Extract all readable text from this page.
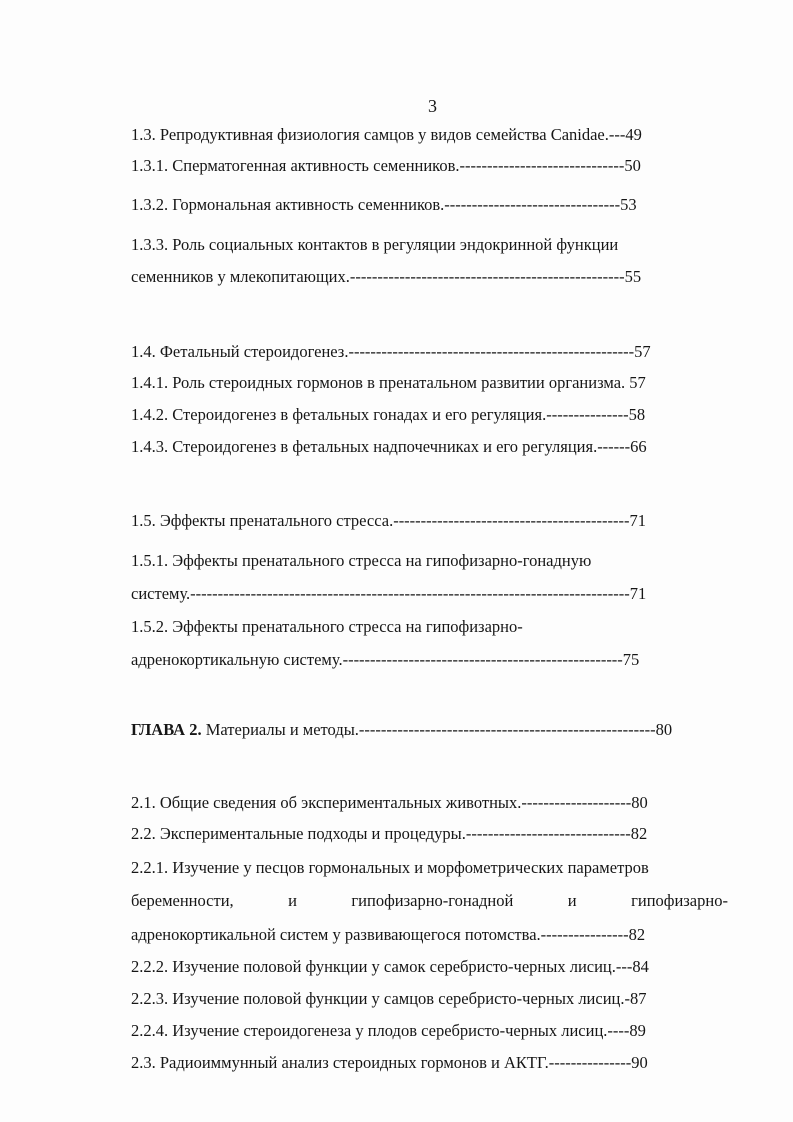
3
1.3. Репродуктивная физиология самцов у видов семейства Canidae.---49
1.3.1. Сперматогенная активность семенников.------------------------------50
1.3.2. Гормональная активность семенников.--------------------------------53
1.3.3. Роль социальных контактов в регуляции эндокринной функции
семенников у млекопитающих.--------------------------------------------------55
1.4. Фетальный стероидогенез.----------------------------------------------------57
1.4.1. Роль стероидных гормонов в пренатальном развитии организма. 57
1.4.2. Стероидогенез в фетальных гонадах и его регуляция.---------------58
1.4.3. Стероидогенез в фетальных надпочечниках и его регуляция.------66
1.5. Эффекты пренатального стресса.-------------------------------------------71
1.5.1. Эффекты пренатального стресса на гипофизарно-гонадную
систему.--------------------------------------------------------------------------------71
1.5.2. Эффекты пренатального стресса на гипофизарно-
адренокортикальную систему.---------------------------------------------------75
ГЛАВА 2. Материалы и методы.------------------------------------------------------80
2.1. Общие сведения об экспериментальных животных.--------------------80
2.2. Экспериментальные подходы и процедуры.------------------------------82
2.2.1. Изучение у песцов гормональных и морфометрических параметров
беременности,	и	гипофизарно-гонадной	и	гипофизарно-
адренокортикальной систем у развивающегося потомства.----------------82
2.2.2. Изучение половой функции у самок серебристо-черных лисиц.---84
2.2.3. Изучение половой функции у самцов серебристо-черных лисиц.-87
2.2.4. Изучение стероидогенеза у плодов серебристо-черных лисиц.----89
2.3. Радиоиммунный анализ стероидных гормонов и АКТГ.---------------90
